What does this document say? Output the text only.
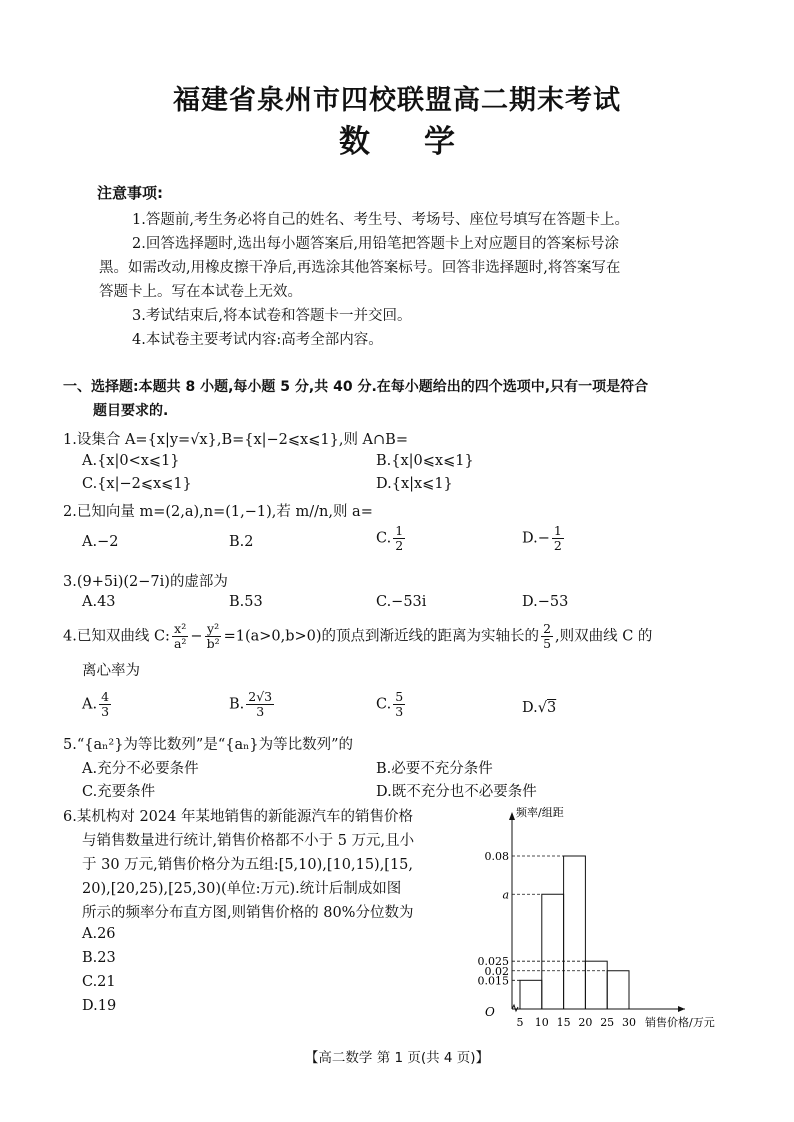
福建省泉州市四校联盟高二期末考试
数学
注意事项:
1.答题前,考生务必将自己的姓名、考生号、考场号、座位号填写在答题卡上。
2.回答选择题时,选出每小题答案后,用铅笔把答题卡上对应题目的答案标号涂
黑。如需改动,用橡皮擦干净后,再选涂其他答案标号。回答非选择题时,将答案写在
答题卡上。写在本试卷上无效。
3.考试结束后,将本试卷和答题卡一并交回。
4.本试卷主要考试内容:高考全部内容。
一、选择题:本题共 8 小题,每小题 5 分,共 40 分.在每小题给出的四个选项中,只有一项是符合
题目要求的.
1.设集合 A={x|y=√x},B={x|−2⩽x⩽1},则 A∩B=
A.{x|0<x⩽1}	B.{x|0⩽x⩽1}
C.{x|−2⩽x⩽1}	D.{x|x⩽1}
2.已知向量 m=(2,a),n=(1,−1),若 m//n,则 a=
A.−2	B.2	C. $\frac{1}{2}$	$D.- \frac{1}{2}$
3.(9+5i)(2−7i)的虚部为
A.43	B.53	C.−53i	D.−53
4.已知双曲线 C: $\frac{\text{x²}}{\text{a²}} - \frac{\text{y²}}{\text{b²}} =1(a>0,b>0)$的顶点到渐近线的距离为实轴长的 $\frac{2}{5}$ ,则双曲线 C 的
离心率为
A. $\frac{4}{3}$	B. $\frac{2√3}{3}$	C. $\frac{5}{3}$	D.√3
5.“{aₙ²}为等比数列”是“{aₙ}为等比数列”的
A.充分不必要条件	B.必要不充分条件
C.充要条件	D.既不充分也不必要条件
6.某机构对 2024 年某地销售的新能源汽车的销售价格
与销售数量进行统计,销售价格都不小于 5 万元,且小
于 30 万元,销售价格分为五组:[5,10),[10,15),[15,
20),[20,25),[25,30)(单位:万元).统计后制成如图
所示的频率分布直方图,则销售价格的 80%分位数为
A.26
B.23
C.21
D.19
频率/组距
销售价格/万元
O
0.015
0.02
0.025
a
0.08
5 10 15 20 25 30
【高二数学 第 1 页(共 4 页)】
